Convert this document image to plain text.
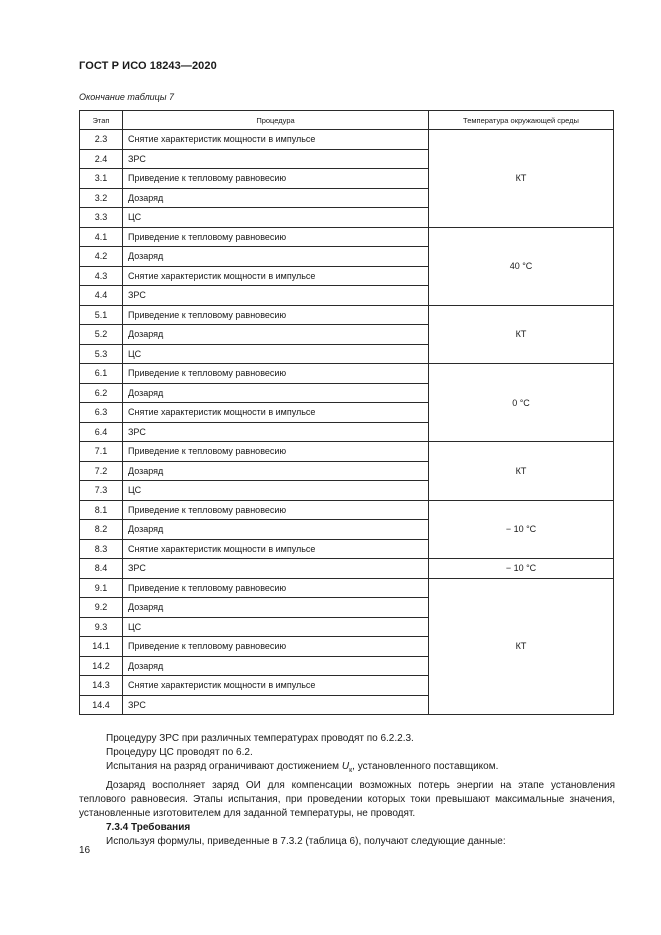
ГОСТ Р ИСО 18243—2020
Окончание таблицы 7
Этап	Процедура	Температура окружающей среды
2.3	Снятие характеристик мощности в импульсе	КТ
2.4	ЗРС	
3.1	Приведение к тепловому равновесию	
3.2	Дозаряд	
3.3	ЦС	
4.1	Приведение к тепловому равновесию	40 °С
4.2	Дозаряд	
4.3	Снятие характеристик мощности в импульсе	
4.4	ЗРС	
5.1	Приведение к тепловому равновесию	КТ
5.2	Дозаряд	
5.3	ЦС	
6.1	Приведение к тепловому равновесию	0 °С
6.2	Дозаряд	
6.3	Снятие характеристик мощности в импульсе	
6.4	ЗРС	
7.1	Приведение к тепловому равновесию	КТ
7.2	Дозаряд	
7.3	ЦС	
8.1	Приведение к тепловому равновесию	− 10 °С
8.2	Дозаряд	
8.3	Снятие характеристик мощности в импульсе	
8.4	ЗРС	− 10 °С
9.1	Приведение к тепловому равновесию	КТ
9.2	Дозаряд	
9.3	ЦС	
14.1	Приведение к тепловому равновесию	
14.2	Дозаряд	
14.3	Снятие характеристик мощности в импульсе	
14.4	ЗРС	

Процедуру ЗРС при различных температурах проводят по 6.2.2.3.

Процедуру ЦС проводят по 6.2.

Испытания на разряд ограничивают достижением $U_к$, установленного поставщиком.

Дозаряд восполняет заряд ОИ для компенсации возможных потерь энергии на этапе установления теплового равновесия. Этапы испытания, при проведении которых токи превышают максимальные значения, установленные изготовителем для заданной температуры, не проводят.

7.3.4 Требования

Используя формулы, приведенные в 7.3.2 (таблица 6), получают следующие данные:

16
